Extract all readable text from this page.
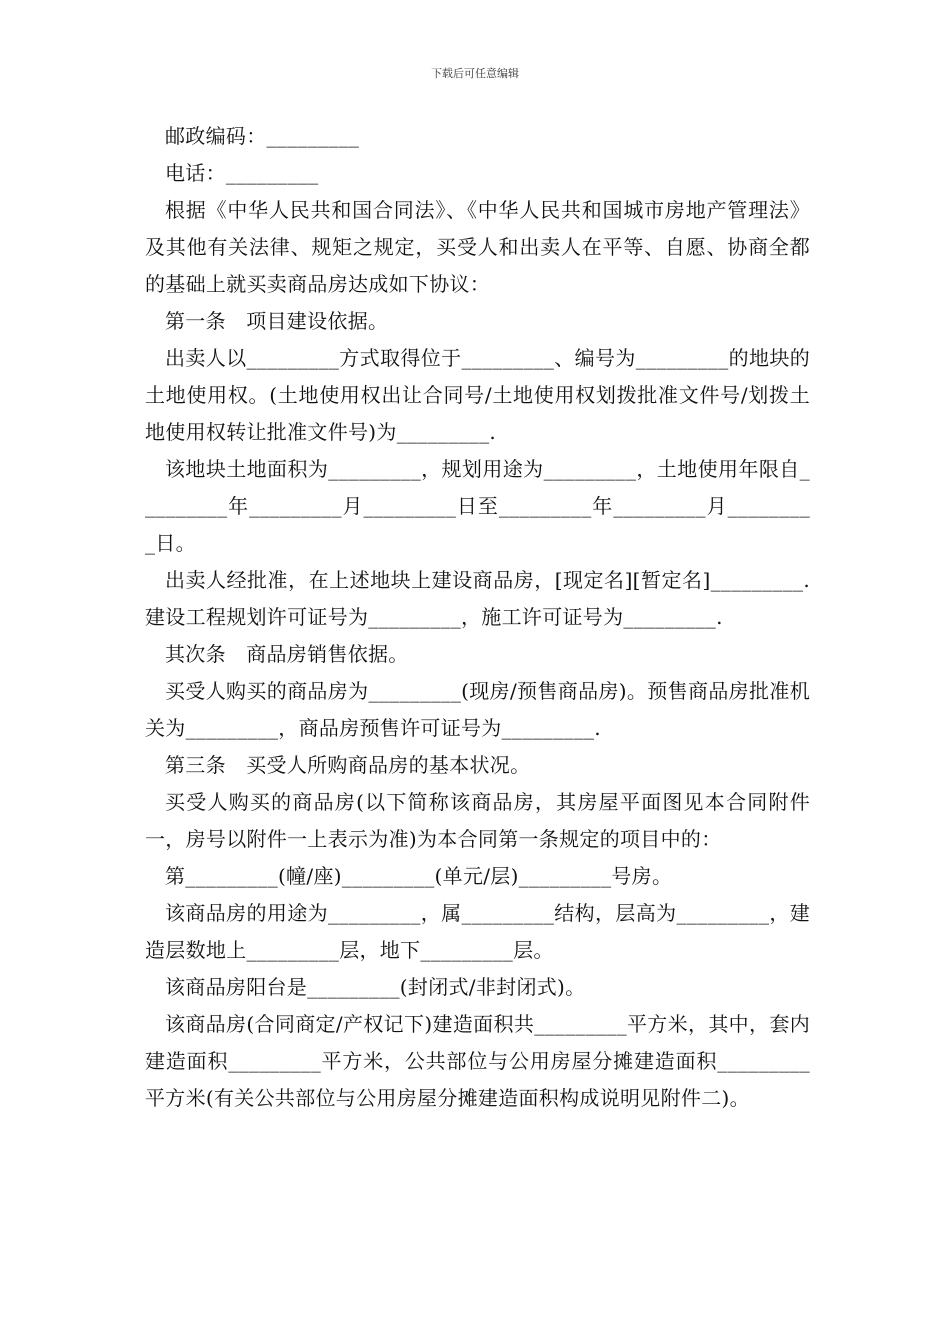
下载后可任意编辑

邮政编码：_________

电话：_________

根据《中华人民共和国合同法》、《中华人民共和国城市房地产管理法》及其他有关法律、规矩之规定，买受人和出卖人在平等、自愿、协商全都的基础上就买卖商品房达成如下协议：

第一条　项目建设依据。

出卖人以_________方式取得位于_________、编号为_________的地块的土地使用权。(土地使用权出让合同号/土地使用权划拨批准文件号/划拨土地使用权转让批准文件号)为_________.

该地块土地面积为_________，规划用途为_________，土地使用年限自_________年_________月_________日至_________年_________月_________日。

出卖人经批准，在上述地块上建设商品房，[现定名][暂定名]_________.建设工程规划许可证号为_________，施工许可证号为_________.

其次条　商品房销售依据。

买受人购买的商品房为_________(现房/预售商品房)。预售商品房批准机关为_________，商品房预售许可证号为_________.

第三条　买受人所购商品房的基本状况。

买受人购买的商品房(以下简称该商品房，其房屋平面图见本合同附件一，房号以附件一上表示为准)为本合同第一条规定的项目中的：

第_________(幢/座)_________(单元/层)_________号房。

该商品房的用途为_________，属_________结构，层高为_________，建造层数地上_________层，地下_________层。

该商品房阳台是_________(封闭式/非封闭式)。

该商品房(合同商定/产权记下)建造面积共_________平方米，其中，套内建造面积_________平方米，公共部位与公用房屋分摊建造面积_________平方米(有关公共部位与公用房屋分摊建造面积构成说明见附件二)。
